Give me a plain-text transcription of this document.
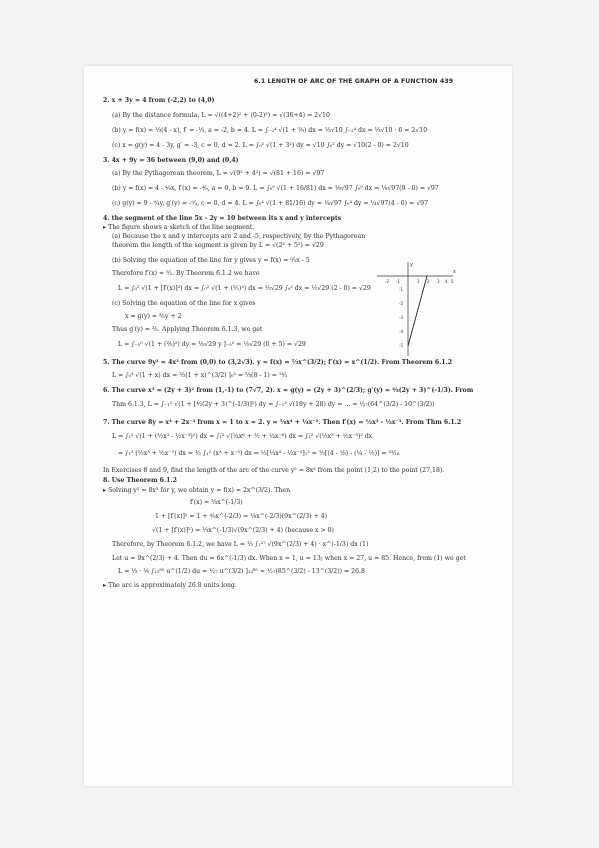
6.1 LENGTH OF ARC OF THE GRAPH OF A FUNCTION 439
2. x + 3y = 4 from (-2,2) to (4,0)
(a) By the distance formula, L = √((4+2)² + (0-2)²) = √(36+4) = 2√10
(b) y = f(x) = ⅓(4 - x), f′ = -⅓, a = -2, b = 4. L = ∫₋₂⁴ √(1 + ⅑) dx = ⅓√10 ∫₋₂⁴ dx = ⅓√10 · 6 = 2√10
(c) x = g(y) = 4 - 3y, g′ = -3, c = 0, d = 2. L = ∫₀² √(1 + 3²) dy = √10 ∫₀² dy = √10(2 - 0) = 2√10
3. 4x + 9y = 36 between (9,0) and (0,4)
(a) By the Pythagorean theorem, L = √(9² + 4²) = √(81 + 16) = √97
(b) y = f(x) = 4 - ⁴⁄₉x, f′(x) = -⁴⁄₉, a = 0, b = 9. L = ∫₀⁹ √(1 + 16/81) dx = ⅑√97 ∫₀⁹ dx = ⅑√97(9 - 0) = √97
(c) g(y) = 9 - ⁹⁄₄y, g′(y) = -⁹⁄₄, c = 0, d = 4. L = ∫₀⁴ √(1 + 81/16) dy = ¼√97 ∫₀⁴ dy = ¼√97(4 - 0) = √97
4. the segment of the line 5x - 2y = 10 between its x and y intercepts
▸ The figure shows a sketch of the line segment.
(a) Because the x and y intercepts are 2 and -5, respectively, by the Pythagorean
theorem the length of the segment is given by L = √(2² + 5²) = √29
(b) Solving the equation of the line for y gives y = f(x) = ⁵⁄₂x - 5
Therefore f′(x) = ⁵⁄₂. By Theorem 6.1.2 we have
L = ∫₀² √(1 + [f′(x)]²) dx = ∫₀² √(1 + (⁵⁄₂)²) dx = ½√29 ∫₀² dx = ½√29 (2 - 0) = √29
(c) Solving the equation of the line for x gives
x = g(y) = ⅖y + 2
Thus g′(y) = ⅖. Applying Theorem 6.1.3, we get
L = ∫₋₅⁰ √(1 + (⅖)²) dy = ⅕√29 y ]₋₅⁰ = ⅕√29 (0 + 5) = √29
5. The curve 9y² = 4x³ from (0,0) to (3,2√3). y = f(x) = ⅔x^(3/2); f′(x) = x^(1/2). From Theorem 6.1.2
L = ∫₀³ √(1 + x) dx = ⅔(1 + x)^(3/2) ]₀³ = ⅔(8 - 1) = ¹⁴⁄₃
6. The curve x³ = (2y + 3)² from (1,-1) to (7√7, 2). x = g(y) = (2y + 3)^(2/3); g′(y) = ⁴⁄₃(2y + 3)^(-1/3). From
Thm 6.1.3, L = ∫₋₁² √(1 + [⁴⁄₃(2y + 3)^(-1/3)]²) dy = ∫₋₁² √(18y + 28) dy = ... = ¹⁄₂₇(64^(3/2) - 10^(3/2))
7. The curve 8y = x⁴ + 2x⁻² from x = 1 to x = 2. y = ⅛x⁴ + ¼x⁻². Then f′(x) = ½x³ - ½x⁻³. From Thm 6.1.2
L = ∫₁² √(1 + (½x³ - ½x⁻³)²) dx = ∫₁² √(¼x⁶ + ½ + ¼x⁻⁶) dx = ∫₁² √(½x³ + ½x⁻³)² dx
= ∫₁² (½x³ + ½x⁻³) dx = ½ ∫₁² (x³ + x⁻³) dx = ½[¼x⁴ - ½x⁻²]₁² = ½[(4 - ⅛) - (¼ - ½)] = ³³⁄₁₆
In Exercises 8 and 9, find the length of the arc of the curve y² = 8x³ from the point (1,2) to the point (27,18).
8. Use Theorem 6.1.2
▸ Solving y² = 8x³ for y, we obtain y = f(x) = 2x^(3/2). Then
f′(x) = ⅔x^(-1/3)
1 + [f′(x)]² = 1 + ⁴⁄₉x^(-2/3) = ⅑x^(-2/3)(9x^(2/3) + 4)
√(1 + [f′(x)]²) = ⅓x^(-1/3)√(9x^(2/3) + 4) (because x > 0)
Therefore, by Theorem 6.1.2, we have L = ⅓ ∫₁²⁷ √(9x^(2/3) + 4) · x^(-1/3) dx (1)
Let u = 9x^(2/3) + 4. Then du = 6x^(-1/3) dx. When x = 1, u = 13; when x = 27, u = 85. Hence, from (1) we get
L = ⅓ · ⅙ ∫₁₃⁸⁵ u^(1/2) du = ¹⁄₂₇ u^(3/2) ]₁₃⁸⁵ = ¹⁄₂₇(85^(3/2) - 13^(3/2)) ≈ 26.8
▸ The arc is approximately 26.8 units long.
x
y
-2 -1	1 2 3 4 5
-1
-2
-3
-4
-5
